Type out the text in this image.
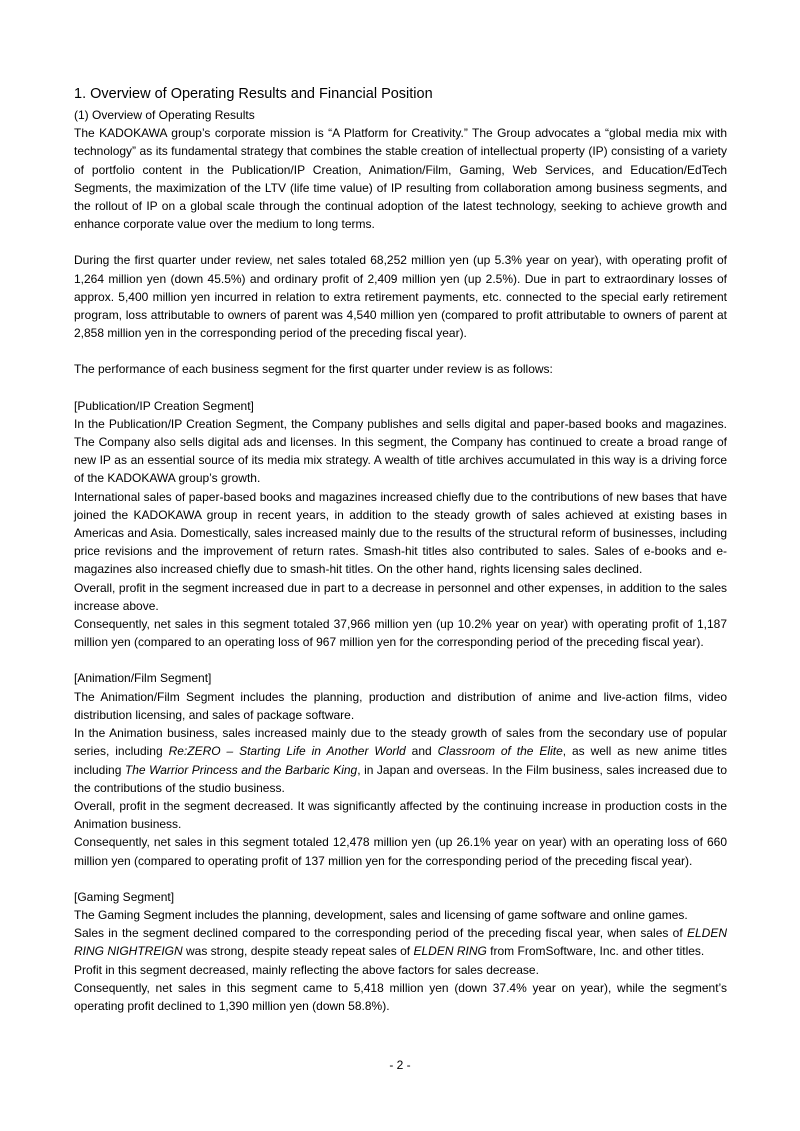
1. Overview of Operating Results and Financial Position

(1) Overview of Operating Results

The KADOKAWA group’s corporate mission is “A Platform for Creativity.” The Group advocates a “global media mix with technology” as its fundamental strategy that combines the stable creation of intellectual property (IP) consisting of a variety of portfolio content in the Publication/IP Creation, Animation/Film, Gaming, Web Services, and Education/EdTech Segments, the maximization of the LTV (life time value) of IP resulting from collaboration among business segments, and the rollout of IP on a global scale through the continual adoption of the latest technology, seeking to achieve growth and enhance corporate value over the medium to long terms.

During the first quarter under review, net sales totaled 68,252 million yen (up 5.3% year on year), with operating profit of 1,264 million yen (down 45.5%) and ordinary profit of 2,409 million yen (up 2.5%). Due in part to extraordinary losses of approx. 5,400 million yen incurred in relation to extra retirement payments, etc. connected to the special early retirement program, loss attributable to owners of parent was 4,540 million yen (compared to profit attributable to owners of parent at 2,858 million yen in the corresponding period of the preceding fiscal year).

The performance of each business segment for the first quarter under review is as follows:

[Publication/IP Creation Segment]

In the Publication/IP Creation Segment, the Company publishes and sells digital and paper-based books and magazines. The Company also sells digital ads and licenses. In this segment, the Company has continued to create a broad range of new IP as an essential source of its media mix strategy. A wealth of title archives accumulated in this way is a driving force of the KADOKAWA group’s growth.

International sales of paper-based books and magazines increased chiefly due to the contributions of new bases that have joined the KADOKAWA group in recent years, in addition to the steady growth of sales achieved at existing bases in Americas and Asia. Domestically, sales increased mainly due to the results of the structural reform of businesses, including price revisions and the improvement of return rates. Smash-hit titles also contributed to sales. Sales of e-books and e-magazines also increased chiefly due to smash-hit titles. On the other hand, rights licensing sales declined.

Overall, profit in the segment increased due in part to a decrease in personnel and other expenses, in addition to the sales increase above.

Consequently, net sales in this segment totaled 37,966 million yen (up 10.2% year on year) with operating profit of 1,187 million yen (compared to an operating loss of 967 million yen for the corresponding period of the preceding fiscal year).

[Animation/Film Segment]

The Animation/Film Segment includes the planning, production and distribution of anime and live-action films, video distribution licensing, and sales of package software.

In the Animation business, sales increased mainly due to the steady growth of sales from the secondary use of popular series, including Re:ZERO – Starting Life in Another World and Classroom of the Elite, as well as new anime titles including The Warrior Princess and the Barbaric King, in Japan and overseas. In the Film business, sales increased due to the contributions of the studio business.

Overall, profit in the segment decreased. It was significantly affected by the continuing increase in production costs in the Animation business.

Consequently, net sales in this segment totaled 12,478 million yen (up 26.1% year on year) with an operating loss of 660 million yen (compared to operating profit of 137 million yen for the corresponding period of the preceding fiscal year).

[Gaming Segment]

The Gaming Segment includes the planning, development, sales and licensing of game software and online games.

Sales in the segment declined compared to the corresponding period of the preceding fiscal year, when sales of ELDEN RING NIGHTREIGN was strong, despite steady repeat sales of ELDEN RING from FromSoftware, Inc. and other titles.

Profit in this segment decreased, mainly reflecting the above factors for sales decrease.

Consequently, net sales in this segment came to 5,418 million yen (down 37.4% year on year), while the segment’s operating profit declined to 1,390 million yen (down 58.8%).

- 2 -
